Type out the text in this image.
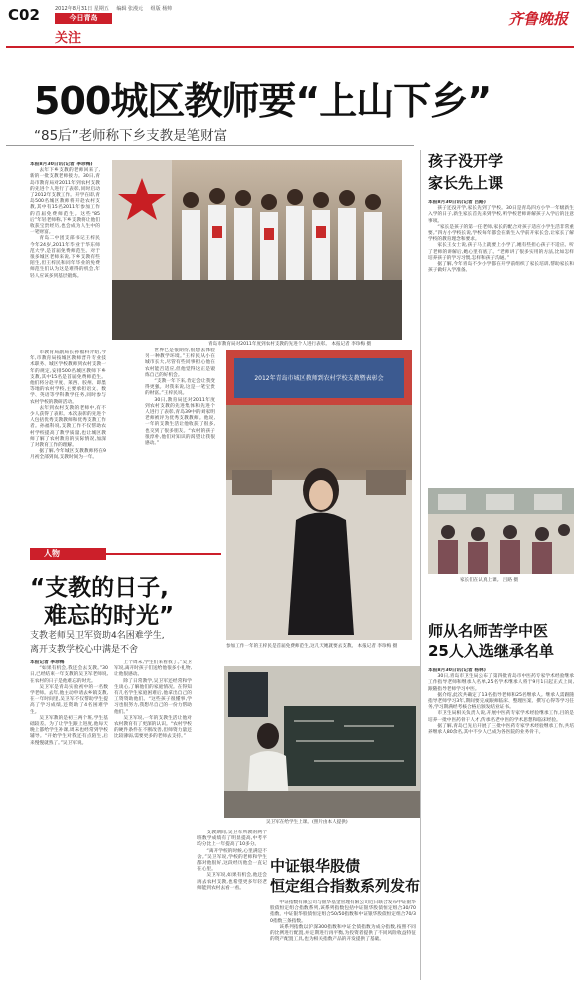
C02	2012年8月31日 星期五 编辑 张漫元 组版 杨帅
今日青岛
关注
齐鲁晚报
500城区教师要“上山下乡”
“85后”老师称下乡支教是笔财富

本报8月30日讯(记者 李珍梅)

去年下乡支教的老师回来了,新的一批支教老师接力。30日,青岛市教育局对2011年到农村支教的先进个人进行了表彰,同时启动了2012年支教工作。开学在即,青岛500名城区教师将开赴农村支教,其中有15名2011年参加工作的首届免费师范生。这些“85后”年轻老师称,下乡支教将让他们收获宝贵经历,也会成为人生中的一笔财富。

青岛二中团支部书记王梓民今年24岁,2011年毕业于华东师范大学,是首届免费师范生。对于很多城区老师来说,下乡支教有些陌生,但王梓民和同年毕业的免费师范生们认为这是难得的机会,年轻人应该多到基层锻炼。

市教育局副局长孙福科介绍,今年,市教育局按城区教师晋升专业技术职务、城区学校教师到农村支教一年的规定,安排500名城区教师下乡支教,其中15名是首届免费师范生。他们将分赴平度、莱西、胶州、即墨等地的农村学校,主要承担语文、数学、英语等学科教学任务,同时参与农村学校的教研活动。

去年到农村支教的老师中,有不少人获得了表彰。本次表彰的先进个人包括优秀支教教师和优秀支教工作者。孙福科说,支教工作不仅帮助农村学校提高了教学质量,也让城区教师了解了农村教育的实际情况,加深了对教育工作的理解。

据了解,今年城区支教教师将在9月初全部到岗,支教时间为一年。

世界已是很期待,很想去体验另一种教学环境。”王梓民从小在城市长大,尽管有些同事担心他在农村能否适应,但他觉得这正是锻炼自己的好机会。

“支教一年下来,肯定会让我变得更强。对我来说,这是一笔宝贵的财富。”王梓民说。

30日,教育局还对2011年度到农村支教的先进集体和先进个人进行了表彰,青岛39中的刘家明老师被评为优秀支教教师。他说,一年的支教生活让他收获了很多,也交到了很多朋友。“农村的孩子很淳朴,他们对知识的渴望让我很感动。”

青岛市教育局对2011年度到农村支教的先进个人进行表彰。 本报记者 李珍梅 摄
2012年青岛市城区教师到农村学校支教暨表彰会
参加工作一年的王梓民是首届免费师范生,这几天她就要去支教。 本报记者 李珍梅 摄
人物
“支教的日子,
难忘的时光”
支教老师吴卫军资助4名困难学生,
离开支教学校心中满是不舍

本报记者 李珍梅

“如果有机会,我还会去支教。”30日,已经结束一年支教的吴卫军老师说,在农村的日子是他难忘的时光。

吴卫军是青岛实验初中的一名数学老师。去年,他主动申请去乡镇支教,在一年时间里,吴卫军不仅帮助学生提高了学习成绩,还资助了4名困难学生。

吴卫军教的是初三两个班,学生基础较差。为了让学生跟上进度,他每天晚上都给学生补课,周末也经常到学校辅导。“开始学生对我还有点陌生,后来慢慢就熟了。”吴卫军说。

上个周末,学生们来看我了。”吴卫军说,离开时孩子们送给他很多小礼物,让他很感动。

除了日常教学,吴卫军还经常和学生谈心,了解他们的家庭情况。在得知有几名学生家庭困难后,他拿出自己的工资资助他们。“这些孩子很懂事,学习也很努力,我想尽自己的一份力帮助他们。”

吴卫军说,一年的支教生活让他对农村教育有了更深的认识。“农村学校的硬件条件在不断改善,但师资力量还比较薄弱,需要更多的老师去支持。”

支教期间,吴卫军所教的两个班数学成绩有了明显提高,中考平均分比上一年提高了10多分。

“离开学校的时候,心里满是不舍。”吴卫军说,学校的老师和学生都对他很好,这段经历他会一直记在心里。

吴卫军说,如果有机会,他还会再去农村支教,也希望更多年轻老师能到农村去看一看。

吴卫军在给学生上课。(照片由本人提供)
中证银华股债
恒定组合指数系列发布

中证指数有限公司与银华基金管理有限公司近日联合发布中证银华股债恒定组合指数系列,该系列指数包括中证银华股债恒定组合30/70指数、中证银华股债恒定组合50/50指数和中证银华股债恒定组合70/30指数三条指数。

该系列指数以沪深300指数和中证全债指数为成分指数,按照不同的比例进行配置,并定期进行再平衡,为投资者提供了不同风险收益特征的资产配置工具,也为相关指数产品的开发提供了基础。

孩子没开学
家长先上课

本报8月30日讯(记者 吕路)

孩子还没开学,家长先到了学校。30日是青岛四方小学一年级新生入学的日子,新生家长首先来到学校,听学校老师讲解孩子入学后的注意事项。

“家长是孩子的第一任老师,家长的配合对孩子适应小学生活非常重要。”四方小学校长说,学校每年都会在新生入学前开家长会,让家长了解学校的教育理念和要求。

家长王女士说,孩子马上就要上小学了,她有些担心孩子不适应。听了老师的讲解后,她心里有底了。“老师讲了很多实用的方法,比如怎样培养孩子的学习习惯,怎样和孩子沟通。”

据了解,今年青岛不少小学都在开学前组织了家长培训,帮助家长和孩子做好入学准备。

家长们在认真上课。 吕路 摄
师从名师苦学中医
25人入选继承名单

本报8月30日讯(记者 杨林)

30日,青岛市卫生局公布了第四批青岛市中医药专家学术经验继承工作指导老师和继承人名单,25名学术继承人将于9月1日起正式上岗,跟随指导老师学习中医。

据介绍,此次共确定了13名指导老师和25名继承人。继承人需跟随指导老师学习3年,期间要完成跟师临床、整理医案、撰写心得等学习任务,学习期满经考核合格后颁发结业证书。

市卫生局相关负责人说,开展中医药专家学术经验继承工作,目的是培养一批中医药骨干人才,传承名老中医的学术思想和临床经验。

据了解,青岛已先后开展了三批中医药专家学术经验继承工作,共培养继承人80余名,其中不少人已成为各医院的业务骨干。
